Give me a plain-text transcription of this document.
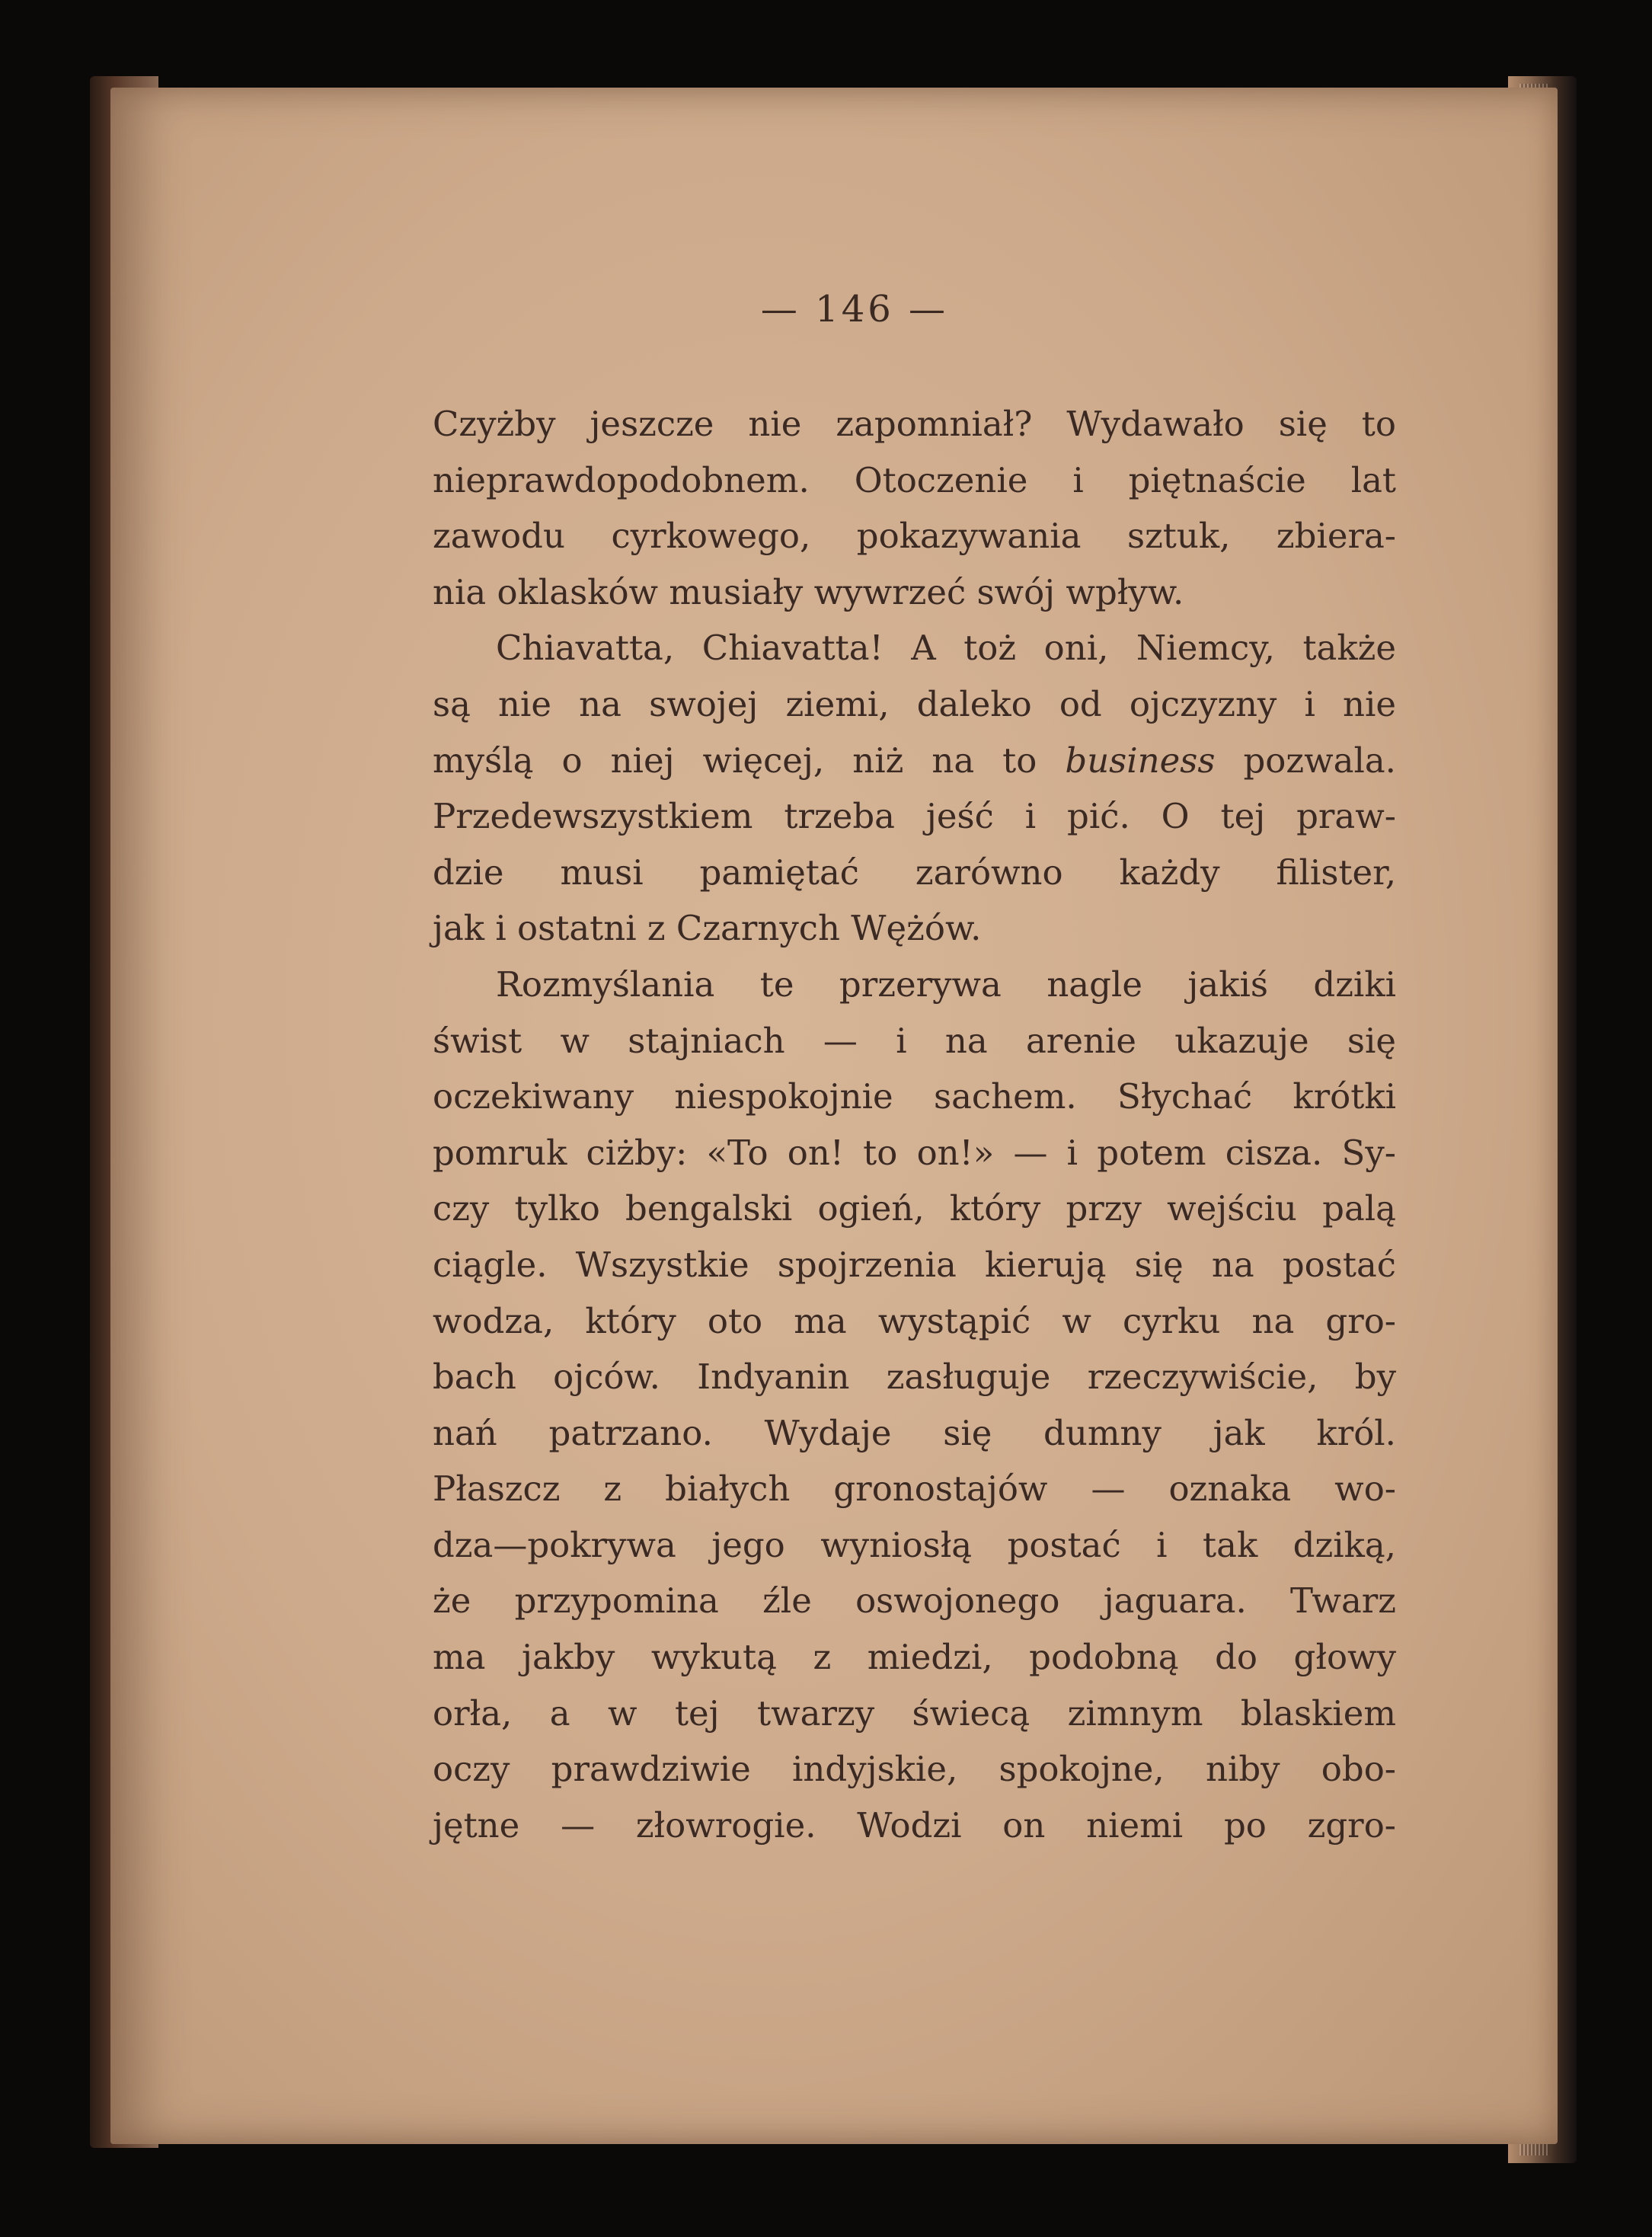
— 146 —
Czyżby jeszcze nie zapomniał? Wydawało się to
nieprawdopodobnem. Otoczenie i piętnaście lat
zawodu cyrkowego, pokazywania sztuk, zbiera-
nia oklasków musiały wywrzeć swój wpływ.
Chiavatta, Chiavatta! A toż oni, Niemcy, także
są nie na swojej ziemi, daleko od ojczyzny i nie
myślą o niej więcej, niż na to business pozwala.
Przedewszystkiem trzeba jeść i pić. O tej praw-
dzie musi pamiętać zarówno każdy filister,
jak i ostatni z Czarnych Wężów.
Rozmyślania te przerywa nagle jakiś dziki
świst w stajniach — i na arenie ukazuje się
oczekiwany niespokojnie sachem. Słychać krótki
pomruk ciżby: «To on! to on!» — i potem cisza. Sy-
czy tylko bengalski ogień, który przy wejściu palą
ciągle. Wszystkie spojrzenia kierują się na postać
wodza, który oto ma wystąpić w cyrku na gro-
bach ojców. Indyanin zasługuje rzeczywiście, by
nań patrzano. Wydaje się dumny jak król.
Płaszcz z białych gronostajów — oznaka wo-
dza—pokrywa jego wyniosłą postać i tak dziką,
że przypomina źle oswojonego jaguara. Twarz
ma jakby wykutą z miedzi, podobną do głowy
orła, a w tej twarzy świecą zimnym blaskiem
oczy prawdziwie indyjskie, spokojne, niby obo-
jętne — złowrogie. Wodzi on niemi po zgro-
